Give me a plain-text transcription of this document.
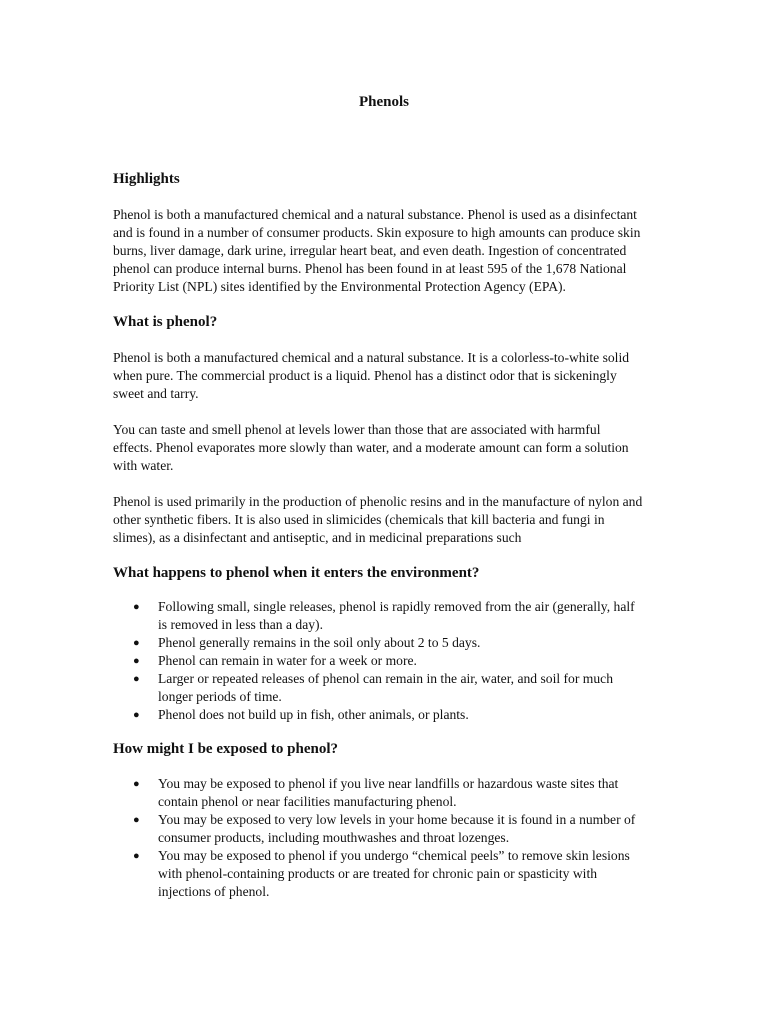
Phenols
Highlights

Phenol is both a manufactured chemical and a natural substance. Phenol is used as a disinfectant and is found in a number of consumer products. Skin exposure to high amounts can produce skin burns, liver damage, dark urine, irregular heart beat, and even death. Ingestion of concentrated phenol can produce internal burns. Phenol has been found in at least 595 of the 1,678 National Priority List (NPL) sites identified by the Environmental Protection Agency (EPA).

What is phenol?

Phenol is both a manufactured chemical and a natural substance. It is a colorless-to-white solid when pure. The commercial product is a liquid. Phenol has a distinct odor that is sickeningly sweet and tarry.

You can taste and smell phenol at levels lower than those that are associated with harmful effects. Phenol evaporates more slowly than water, and a moderate amount can form a solution with water.

Phenol is used primarily in the production of phenolic resins and in the manufacture of nylon and other synthetic fibers. It is also used in slimicides (chemicals that kill bacteria and fungi in slimes), as a disinfectant and antiseptic, and in medicinal preparations such

What happens to phenol when it enters the environment?
● Following small, single releases, phenol is rapidly removed from the air (generally, half is removed in less than a day).
● Phenol generally remains in the soil only about 2 to 5 days.
● Phenol can remain in water for a week or more.
● Larger or repeated releases of phenol can remain in the air, water, and soil for much longer periods of time.
● Phenol does not build up in fish, other animals, or plants.
How might I be exposed to phenol?
● You may be exposed to phenol if you live near landfills or hazardous waste sites that contain phenol or near facilities manufacturing phenol.
● You may be exposed to very low levels in your home because it is found in a number of consumer products, including mouthwashes and throat lozenges.
● You may be exposed to phenol if you undergo “chemical peels” to remove skin lesions with phenol-containing products or are treated for chronic pain or spasticity with injections of phenol.
